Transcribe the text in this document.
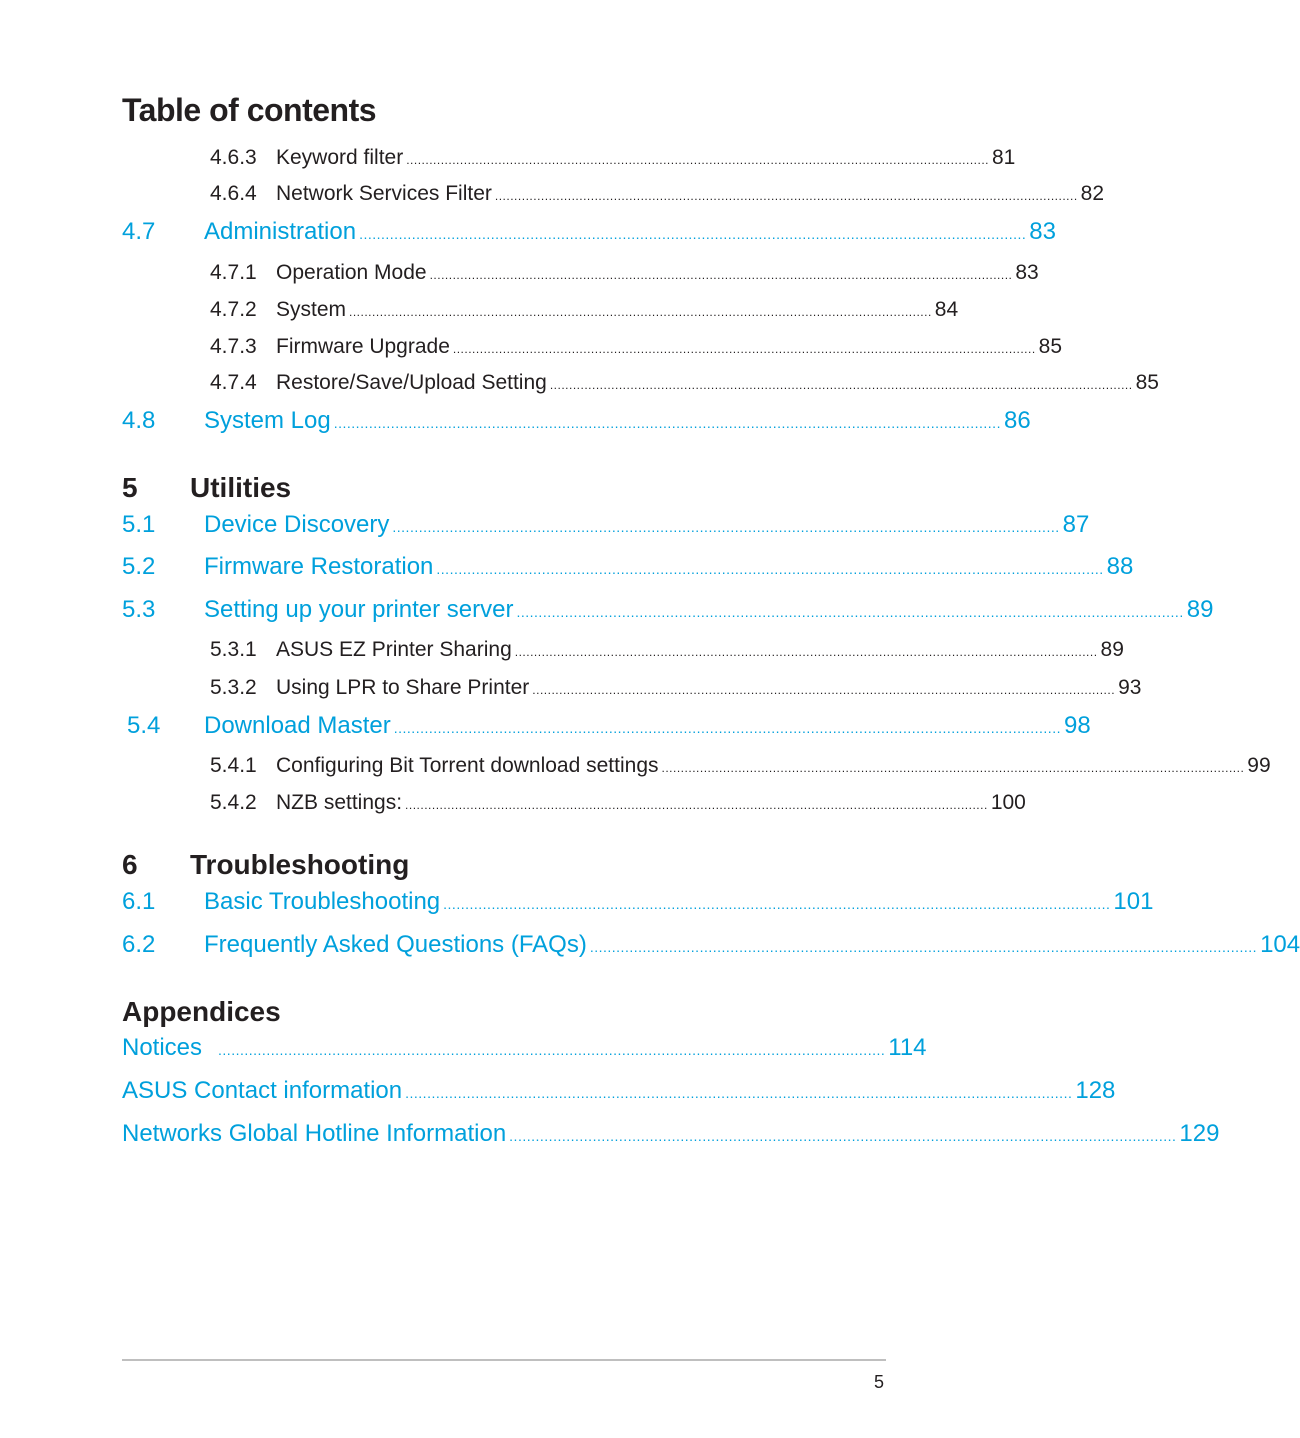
Table of contents
4.6.3 Keyword filter ........................................................................................................................................................ 81
4.6.4 Network Services Filter ........................................................................................................................................................ 82
4.7 Administration ........................................................................................................................................................ 83
4.7.1 Operation Mode ........................................................................................................................................................ 83
4.7.2 System ........................................................................................................................................................ 84
4.7.3 Firmware Upgrade ........................................................................................................................................................ 85
4.7.4 Restore/Save/Upload Setting ........................................................................................................................................................ 85
4.8 System Log ........................................................................................................................................................ 86
5 Utilities
5.1 Device Discovery ........................................................................................................................................................ 87
5.2 Firmware Restoration ........................................................................................................................................................ 88
5.3 Setting up your printer server ........................................................................................................................................................ 89
5.3.1 ASUS EZ Printer Sharing ........................................................................................................................................................ 89
5.3.2 Using LPR to Share Printer ........................................................................................................................................................ 93
5.4 Download Master ........................................................................................................................................................ 98
5.4.1 Configuring Bit Torrent download settings ........................................................................................................................................................ 99
5.4.2 NZB settings: ........................................................................................................................................................ 100
6 Troubleshooting
6.1 Basic Troubleshooting ........................................................................................................................................................ 101
6.2 Frequently Asked Questions (FAQs) ........................................................................................................................................................ 104
Appendices
Notices ........................................................................................................................................................ 114
ASUS Contact information ........................................................................................................................................................ 128
Networks Global Hotline Information ........................................................................................................................................................ 129
5
